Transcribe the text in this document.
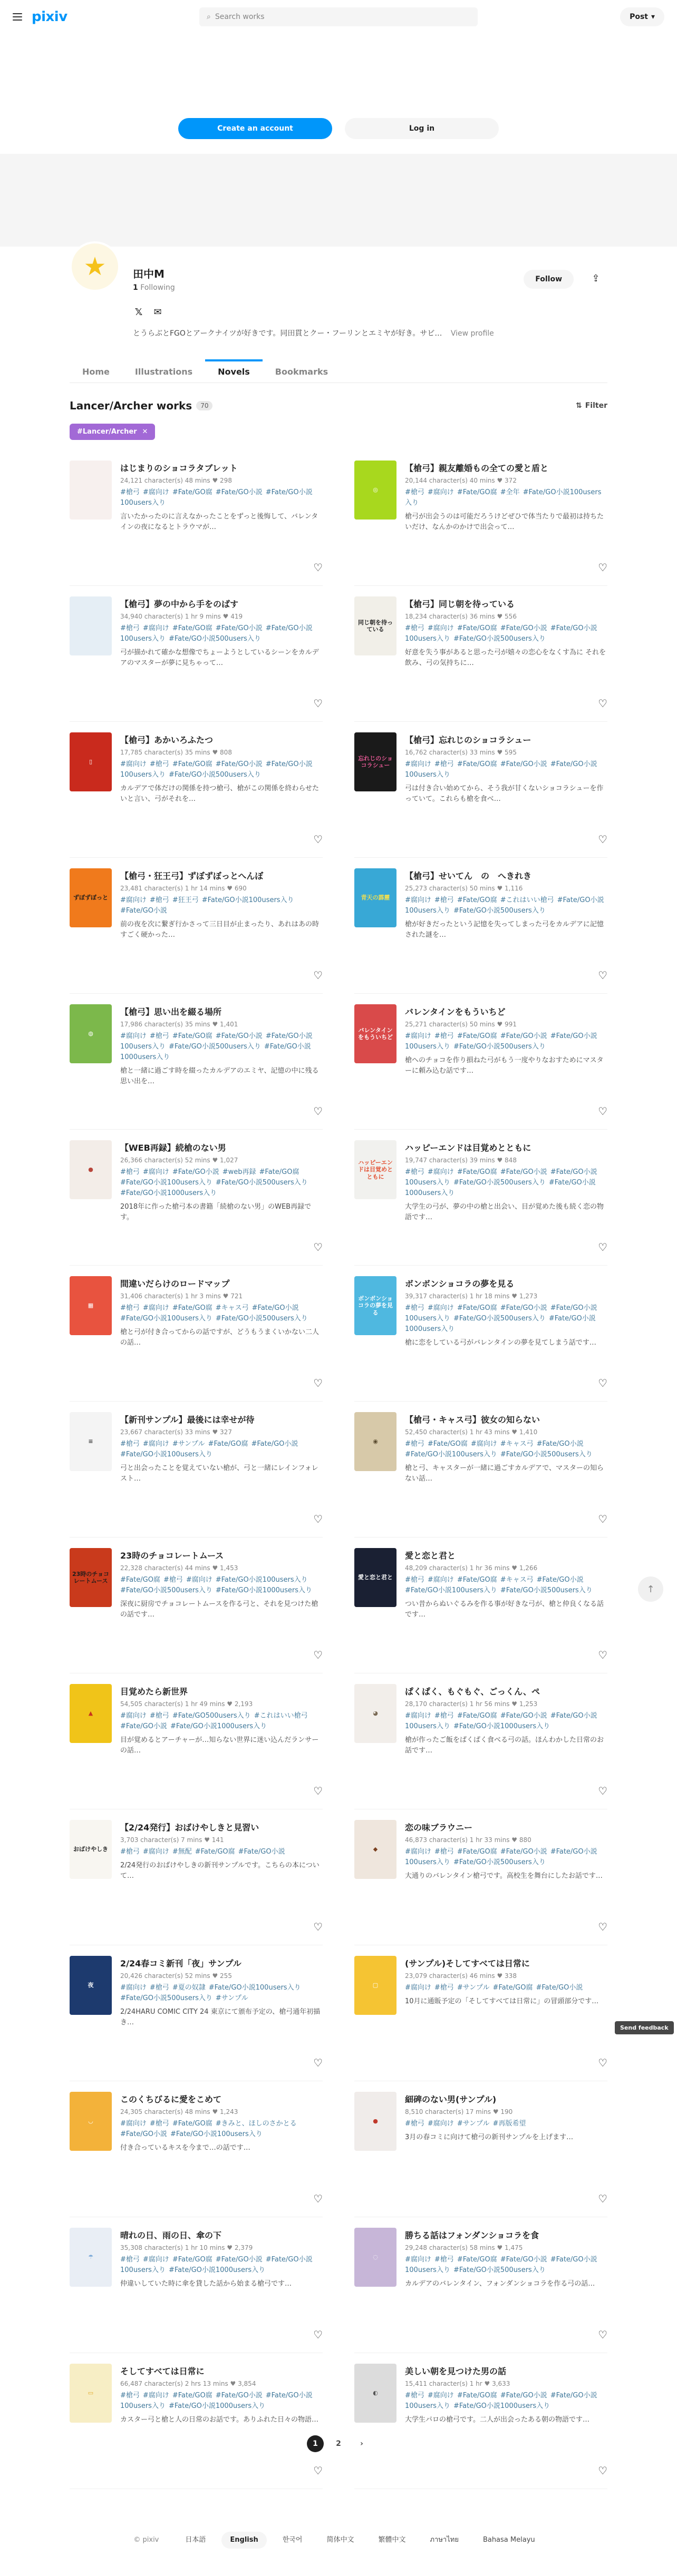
pixiv	⌕ Search works	Post ▾
Create an account	Log in
★	田中M
1 Following
Follow	⇪
𝕏 ✉
とうらぶとFGOとアークナイツが好きです。同田貫とクー・フーリンとエミヤが好き。サビ… View profile
Home	Illustrations	Novels	Bookmarks
Lancer/Archer works	70	⇅ Filter
#Lancer/Archer ✕
はじまりのショコラタブレット
24,121 character(s) 48 mins ♥ 298
#槍弓 #腐向け #Fate/GO腐 #Fate/GO小説 #Fate/GO小説100users入り
言いたかったのに言えなかったことをずっと後悔して、バレンタインの夜になるとトラウマが…
♡
◎
【槍弓】親友離婚もの全ての愛と盾と
20,144 character(s) 40 mins ♥ 372
#槍弓 #腐向け #Fate/GO腐 #全年 #Fate/GO小説100users入り
槍弓が出会うのは可能だろうけどぜひで体当たりで最初は持ちたいだけ、なんかのかけで出会って…
♡
【槍弓】夢の中から手をのばす
34,940 character(s) 1 hr 9 mins ♥ 419
#槍弓 #腐向け #Fate/GO腐 #Fate/GO小説 #Fate/GO小説100users入り #Fate/GO小説500users入り
弓が描かれて確かな想像でちょーようとしているシーンをカルデアのマスターが夢に見ちゃって…
♡
同じ朝を待っている
【槍弓】同じ朝を待っている
18,234 character(s) 36 mins ♥ 556
#槍弓 #腐向け #Fate/GO腐 #Fate/GO小説 #Fate/GO小説100users入り #Fate/GO小説500users入り
好意を失う事があると思った弓が嬉々の恋心をなくす為に それを飲み、弓の気持ちに…
♡
▯
【槍弓】あかいろふたつ
17,785 character(s) 35 mins ♥ 808
#腐向け #槍弓 #Fate/GO腐 #Fate/GO小説 #Fate/GO小説100users入り #Fate/GO小説500users入り
カルデアで体だけの関係を持つ槍弓、槍がこの関係を終わらせたいと言い、弓がそれを…
♡
忘れじのショコラシュー
【槍弓】忘れじのショコラシュー
16,762 character(s) 33 mins ♥ 595
#腐向け #槍弓 #Fate/GO腐 #Fate/GO小説 #Fate/GO小説100users入り
弓は付き合い始めてから、そう我が甘くないショコラシューを作っていて。これらも槍を食べ…
♡
ずぼずぼっと
【槍弓・狂王弓】ずぼずぼっとへんぼ
23,481 character(s) 1 hr 14 mins ♥ 690
#腐向け #槍弓 #狂王弓 #Fate/GO小説100users入り#Fate/GO小説
前の夜を次に繋ぎ行かさって三日目が止まったり、あれはあの時すごく硬かった…
♡
青天の霹靂
【槍弓】せいてん　の　へきれき
25,273 character(s) 50 mins ♥ 1,116
#腐向け #槍弓 #Fate/GO腐 #これはいい槍弓 #Fate/GO小説100users入り #Fate/GO小説500users入り
槍が好きだったという記憶を失ってしまった弓をカルデアに記憶された謎を…
♡
◍
【槍弓】思い出を綴る場所
17,986 character(s) 35 mins ♥ 1,401
#腐向け #槍弓 #Fate/GO腐 #Fate/GO小説 #Fate/GO小説100users入り #Fate/GO小説500users入り #Fate/GO小説1000users入り
槍と一緒に過ごす時を綴ったカルデアのエミヤ、記憶の中に残る思い出を…
♡
バレンタインをもういちど
バレンタインをもういちど
25,271 character(s) 50 mins ♥ 991
#腐向け #槍弓 #Fate/GO腐 #Fate/GO小説 #Fate/GO小説100users入り #Fate/GO小説500users入り
槍へのチョコを作り損ねた弓がもう一度やりなおすためにマスターに頼み込む話です…
♡
●
【WEB再録】続槍のない男
26,366 character(s) 52 mins ♥ 1,027
#槍弓 #腐向け #Fate/GO小説 #web再録 #Fate/GO腐#Fate/GO小説100users入り #Fate/GO小説500users入り#Fate/GO小説1000users入り
2018年に作った槍弓本の書籍「続槍のない男」のWEB再録です。
♡
ハッピーエンドは目覚めとともに
ハッピーエンドは目覚めとともに
19,747 character(s) 39 mins ♥ 848
#槍弓 #腐向け #Fate/GO腐 #Fate/GO小説 #Fate/GO小説100users入り #Fate/GO小説500users入り #Fate/GO小説1000users入り
大学生の弓が、夢の中の槍と出会い、目が覚めた後も続く恋の物語です…
♡
▦
間違いだらけのロードマップ
31,406 character(s) 1 hr 3 mins ♥ 721
#槍弓 #腐向け #Fate/GO腐 #キャス弓 #Fate/GO小説#Fate/GO小説100users入り #Fate/GO小説500users入り
槍と弓が付き合ってからの話ですが、どうもうまくいかない二人の話…
♡
ボンボンショコラの夢を見る
ボンボンショコラの夢を見る
39,317 character(s) 1 hr 18 mins ♥ 1,273
#槍弓 #腐向け #Fate/GO腐 #Fate/GO小説 #Fate/GO小説100users入り #Fate/GO小説500users入り #Fate/GO小説1000users入り
槍に恋をしている弓がバレンタインの夢を見てしまう話です…
♡
≡
【新刊サンプル】最後には幸せが待
23,667 character(s) 33 mins ♥ 327
#槍弓 #腐向け #サンプル #Fate/GO腐 #Fate/GO小説#Fate/GO小説100users入り
弓と出会ったことを覚えていない槍が、弓と一緒にレインフォレスト…
♡
◉
【槍弓・キャス弓】彼女の知らない
52,450 character(s) 1 hr 43 mins ♥ 1,410
#槍弓 #Fate/GO腐 #腐向け #キャス弓 #Fate/GO小説#Fate/GO小説100users入り #Fate/GO小説500users入り
槍と弓、キャスターが一緒に過ごすカルデアで、マスターの知らない話…
♡
23時のチョコレートムース
23時のチョコレートムース
22,328 character(s) 44 mins ♥ 1,453
#Fate/GO腐 #槍弓 #腐向け #Fate/GO小説100users入り#Fate/GO小説500users入り #Fate/GO小説1000users入り
深夜に厨房でチョコレートムースを作る弓と、それを見つけた槍の話です…
♡
愛と恋と君と
愛と恋と君と
48,209 character(s) 1 hr 36 mins ♥ 1,266
#槍弓 #腐向け #Fate/GO腐 #キャス弓 #Fate/GO小説#Fate/GO小説100users入り #Fate/GO小説500users入り
つい昔からぬいぐるみを作る事が好きな弓が、槍と仲良くなる話です…
♡
▲
目覚めたら新世界
54,505 character(s) 1 hr 49 mins ♥ 2,193
#腐向け #槍弓 #Fate/GO500users入り #これはいい槍弓#Fate/GO小説 #Fate/GO小説1000users入り
目が覚めるとアーチャーが…知らない世界に迷い込んだランサーの話…
♡
◕
ぱくぱく、もぐもぐ、ごっくん、ペ
28,170 character(s) 1 hr 56 mins ♥ 1,253
#腐向け #槍弓 #Fate/GO腐 #Fate/GO小説 #Fate/GO小説100users入り #Fate/GO小説1000users入り
槍が作ったご飯をぱくぱく食べる弓の話。ほんわかした日常のお話です…
♡
おばけやしき
【2/24発行】おばけやしきと見習い
3,703 character(s) 7 mins ♥ 141
#槍弓 #腐向け #無配 #Fate/GO腐 #Fate/GO小説
2/24発行のおばけやしきの新刊サンプルです。こちらの本について…
♡
◆
恋の味ブラウニー
46,873 character(s) 1 hr 33 mins ♥ 880
#腐向け #槍弓 #Fate/GO腐 #Fate/GO小説 #Fate/GO小説100users入り #Fate/GO小説500users入り
大通りのバレンタイン槍弓です。高校生を舞台にしたお話です…
♡
夜
2/24春コミ新刊「夜」サンプル
20,426 character(s) 52 mins ♥ 255
#腐向け #槍弓 #夏の奴隷 #Fate/GO小説100users入り#Fate/GO小説500users入り #サンプル
2/24HARU COMIC CITY 24 東京にて頒布予定の、槍弓通年初描き…
♡
▢
(サンプル)そしてすべては日常に
23,079 character(s) 46 mins ♥ 338
#腐向け #槍弓 #サンプル #Fate/GO腐 #Fate/GO小説
10月に通販予定の「そしてすべては日常に」の冒頭部分です…
♡
◡
このくちびるに愛をこめて
24,305 character(s) 48 mins ♥ 1,243
#腐向け #槍弓 #Fate/GO腐 #きみと、ほしのさかとる#Fate/GO小説 #Fate/GO小説100users入り
付き合っているキスを今まで…の話です…
♡
●
細碑のない男(サンプル)
8,510 character(s) 17 mins ♥ 190
#槍弓 #腐向け #サンプル #再版希望
3月の春コミに向けて槍弓の新刊サンプルを上げます…
♡
☂
晴れの日、雨の日、傘の下
35,308 character(s) 1 hr 10 mins ♥ 2,379
#槍弓 #腐向け #Fate/GO腐 #Fate/GO小説 #Fate/GO小説100users入り #Fate/GO小説1000users入り
仲違いしていた時に傘を貸した話から始まる槍弓です…
♡
◌
勝ちる話はフォンダンショコラを食
29,248 character(s) 58 mins ♥ 1,475
#腐向け #槍弓 #Fate/GO腐 #Fate/GO小説 #Fate/GO小説100users入り #Fate/GO小説500users入り
カルデアのバレンタイン、フォンダンショコラを作る弓の話…
♡
▭
そしてすべては日常に
66,487 character(s) 2 hrs 13 mins ♥ 3,854
#槍弓 #腐向け #Fate/GO腐 #Fate/GO小説 #Fate/GO小説100users入り #Fate/GO小説1000users入り
カスター弓と槍と人の日常のお話です。ありふれた日々の物語…
♡
◐
美しい朝を見つけた男の話
15,411 character(s) 1 hr ♥ 3,633
#槍弓 #腐向け #Fate/GO腐 #Fate/GO小説 #Fate/GO小説100users入り #Fate/GO小説1000users入り
大学生パロの槍弓です。二人が出会ったある朝の物語です…
♡
1	2	›
↑
Send feedback
© pixiv	日本語	English	한국어	简体中文	繁體中文	ภาษาไทย	Bahasa Melayu
